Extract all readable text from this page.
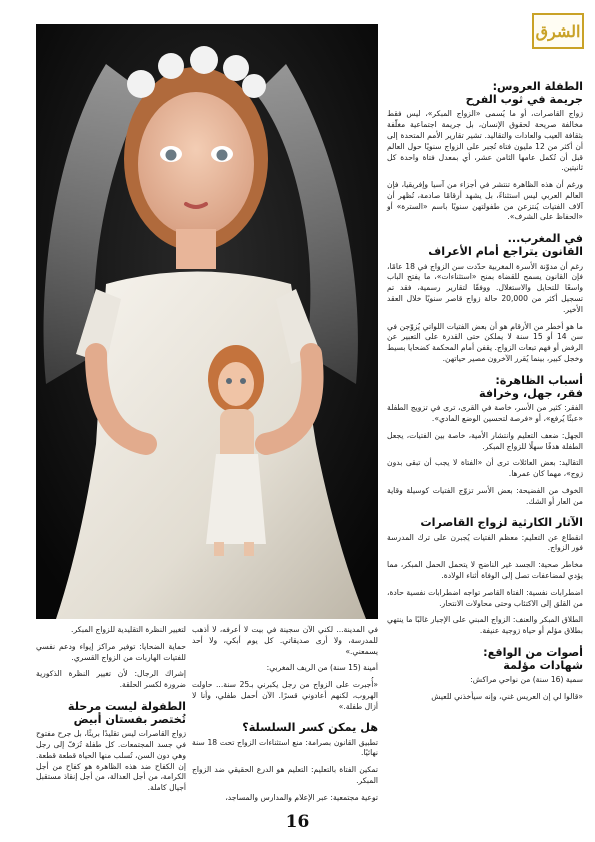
الشرق
الطفلة العروس:
جريمة في ثوب الفرح

زواج القاصرات، أو ما يُسمى «الزواج المبكر»، ليس فقط مخالفة صريحة لحقوق الإنسان، بل جريمة اجتماعية مغلّفة بثقافة العيب والعادات والتقاليد. تشير تقارير الأمم المتحدة إلى أن أكثر من 12 مليون فتاة تُجبر على الزواج سنويًا حول العالم قبل أن تُكمل عامها الثامن عشر، أي بمعدل فتاة واحدة كل ثانيتين.

ورغم أن هذه الظاهرة تنتشر في أجزاء من آسيا وإفريقيا، فإن العالم العربي ليس استثناءً، بل يشهد أرقامًا صادمة، تُظهر أن آلاف الفتيات يُنتزعن من طفولتهن سنويًا باسم «السترة» أو «الحفاظ على الشرف».

في المغرب...
القانون يتراجع أمام الأعراف

رغم أن مدوّنة الأسرة المغربية حدّدت سن الزواج في 18 عامًا، فإن القانون يسمح للقضاة بمنح «استثناءات»، ما يفتح الباب واسعًا للتحايل والاستغلال. ووفقًا لتقارير رسمية، فقد تم تسجيل أكثر من 20,000 حالة زواج قاصر سنويًا خلال العقد الأخير.

ما هو أخطر من الأرقام هو أن بعض الفتيات اللواتي يُزوّجن في سن 14 أو 15 سنة لا يملكن حتى القدرة على التعبير عن الرفض أو فهم تبعات الزواج. يقفن أمام المحكمة كضحايا بسيط وخجل كبير، بينما يُقرر الآخرون مصير حياتهن.

أسباب الظاهرة:
فقر، جهل، وخرافة

الفقر: كثير من الأسر، خاصة في القرى، ترى في تزويج الطفلة «عبئًا يُرفع»، أو «فرصة لتحسين الوضع المادي».

الجهل: ضعف التعليم وانتشار الأمية، خاصة بين الفتيات، يجعل الطفلة هدفًا سهلًا للزواج المبكر.

التقاليد: بعض العائلات ترى أن «الفتاة لا يجب أن تبقى بدون زوج»، مهما كان عمرها.

الخوف من الفضيحة: بعض الأسر تزوّج الفتيات كوسيلة وقاية من العار أو الشك.

الآثار الكارثية لزواج القاصرات

انقطاع عن التعليم: معظم الفتيات يُجبرن على ترك المدرسة فور الزواج.

مخاطر صحية: الجسد غير الناضج لا يتحمل الحمل المبكر، مما يؤدي لمضاعفات تصل إلى الوفاة أثناء الولادة.

اضطرابات نفسية: الفتاة القاصر تواجه اضطرابات نفسية حادة، من القلق إلى الاكتئاب وحتى محاولات الانتحار.

الطلاق المبكر والعنف: الزواج المبني على الإجبار غالبًا ما ينتهي بطلاق مؤلم أو حياة زوجية عنيفة.

أصوات من الواقع:
شهادات مؤلمة

سمية (16 سنة) من نواحي مراكش:

«قالوا لي إن العريس غني، وإنه سيأخذني للعيش

في المدينة... لكني الآن سجينة في بيت لا أعرفه، لا أذهب للمدرسة، ولا أرى صديقاتي. كل يوم أبكي، ولا أحد يسمعني.»

أمينة (15 سنة) من الريف المغربي:

«أُجبرت على الزواج من رجل يكبرني بـ25 سنة... حاولت الهروب، لكنهم أعادوني قسرًا. الآن أحمل طفلي، وأنا لا أزال طفلة.»

هل يمكن كسر السلسلة؟

تطبيق القانون بصرامة: منع استثناءات الزواج تحت 18 سنة نهائيًا.

تمكين الفتاة بالتعليم: التعليم هو الدرع الحقيقي ضد الزواج المبكر.

توعية مجتمعية: عبر الإعلام والمدارس والمساجد،

لتغيير النظرة التقليدية للزواج المبكر.

حماية الضحايا: توفير مراكز إيواء ودعم نفسي للفتيات الهاربات من الزواج القسري.

إشراك الرجال: لأن تغيير النظرة الذكورية ضرورة لكسر الحلقة.

الطفولة ليست مرحلة
تُختصر بفستان أبيض

زواج القاصرات ليس تقليدًا بريئًا، بل جرح مفتوح في جسد المجتمعات. كل طفلة تُزفّ إلى رجل وهي دون السن، تُسلب منها الحياة قطعة قطعة. إن الكفاح ضد هذه الظاهرة هو كفاح من أجل الكرامة، من أجل العدالة، من أجل إنقاذ مستقبل أجيال كاملة.

16
